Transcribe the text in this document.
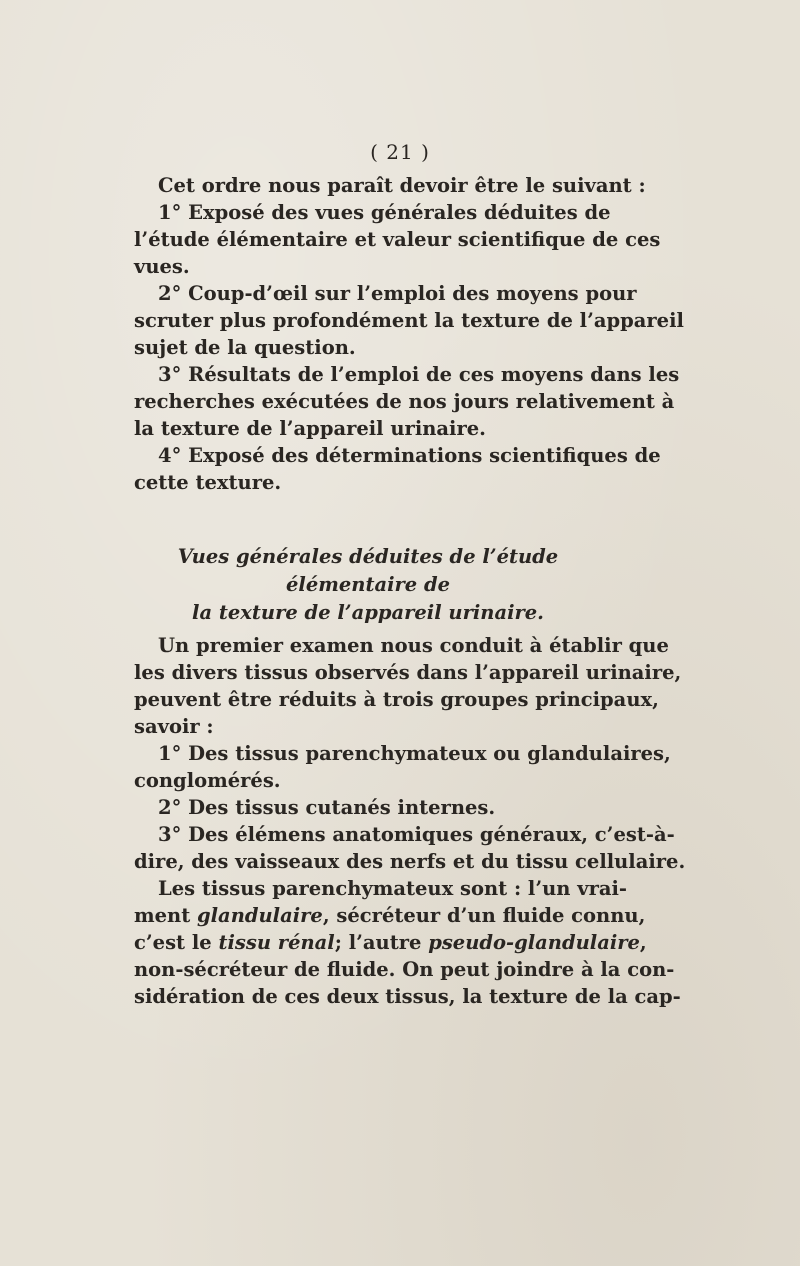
( 21 )
Cet ordre nous paraît devoir être le suivant :
1° Exposé des vues générales déduites de
l’étude élémentaire et valeur scientifique de ces
vues.
2° Coup-d’œil sur l’emploi des moyens pour
scruter plus profondément la texture de l’appareil
sujet de la question.
3° Résultats de l’emploi de ces moyens dans les
recherches exécutées de nos jours relativement à
la texture de l’appareil urinaire.
4° Exposé des déterminations scientifiques de
cette texture.
Vues générales déduites de l’étude élémentaire de
la texture de l’appareil urinaire.
Un premier examen nous conduit à établir que
les divers tissus observés dans l’appareil urinaire,
peuvent être réduits à trois groupes principaux,
savoir :
1° Des tissus parenchymateux ou glandulaires,
conglomérés.
2° Des tissus cutanés internes.
3° Des élémens anatomiques généraux, c’est-à-
dire, des vaisseaux des nerfs et du tissu cellulaire.
Les tissus parenchymateux sont : l’un vrai-
ment glandulaire, sécréteur d’un fluide connu,
c’est le tissu rénal; l’autre pseudo-glandulaire,
non-sécréteur de fluide. On peut joindre à la con-
sidération de ces deux tissus, la texture de la cap-
